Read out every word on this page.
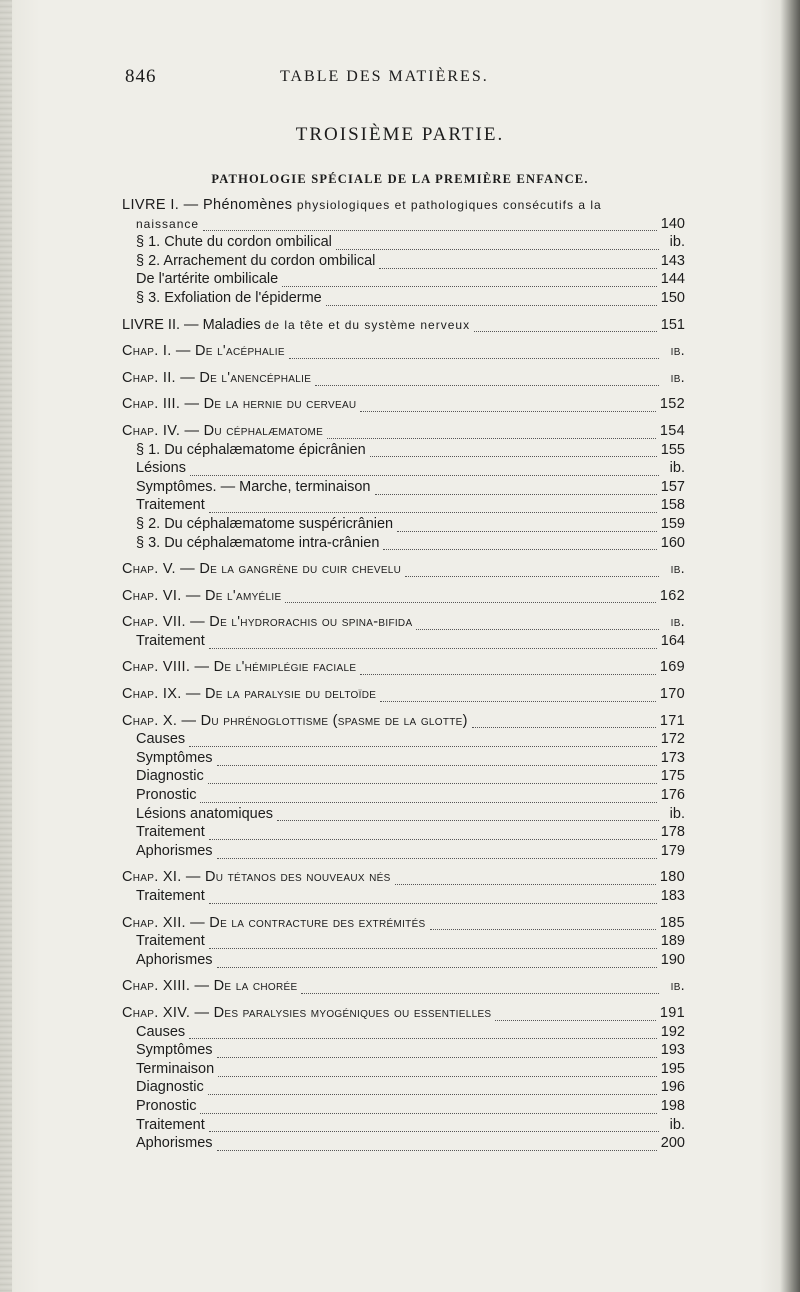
846	TABLE DES MATIÈRES.
TROISIÈME PARTIE.
PATHOLOGIE SPÉCIALE DE LA PREMIÈRE ENFANCE.
LIVRE I. — Phénomènes physiologiques et pathologiques consécutifs a la
naissance	140
§ 1. Chute du cordon ombilical	ib.
§ 2. Arrachement du cordon ombilical	143
De l'artérite ombilicale	144
§ 3. Exfoliation de l'épiderme	150
LIVRE II. — Maladies de la tête et du système nerveux	151
Chap. I. — De l'acéphalie	ib.
Chap. II. — De l'anencéphalie	ib.
Chap. III. — De la hernie du cerveau	152
Chap. IV. — Du céphalæmatome	154
§ 1. Du céphalæmatome épicrânien	155
Lésions	ib.
Symptômes. — Marche, terminaison	157
Traitement	158
§ 2. Du céphalæmatome suspéricrânien	159
§ 3. Du céphalæmatome intra-crânien	160
Chap. V. — De la gangrène du cuir chevelu	ib.
Chap. VI. — De l'amyélie	162
Chap. VII. — De l'hydrorachis ou spina-bifida	ib.
Traitement	164
Chap. VIII. — De l'hémiplégie faciale	169
Chap. IX. — De la paralysie du deltoïde	170
Chap. X. — Du phrénoglottisme (spasme de la glotte)	171
Causes	172
Symptômes	173
Diagnostic	175
Pronostic	176
Lésions anatomiques	ib.
Traitement	178
Aphorismes	179
Chap. XI. — Du tétanos des nouveaux nés	180
Traitement	183
Chap. XII. — De la contracture des extrémités	185
Traitement	189
Aphorismes	190
Chap. XIII. — De la chorée	ib.
Chap. XIV. — Des paralysies myogéniques ou essentielles	191
Causes	192
Symptômes	193
Terminaison	195
Diagnostic	196
Pronostic	198
Traitement	ib.
Aphorismes	200
